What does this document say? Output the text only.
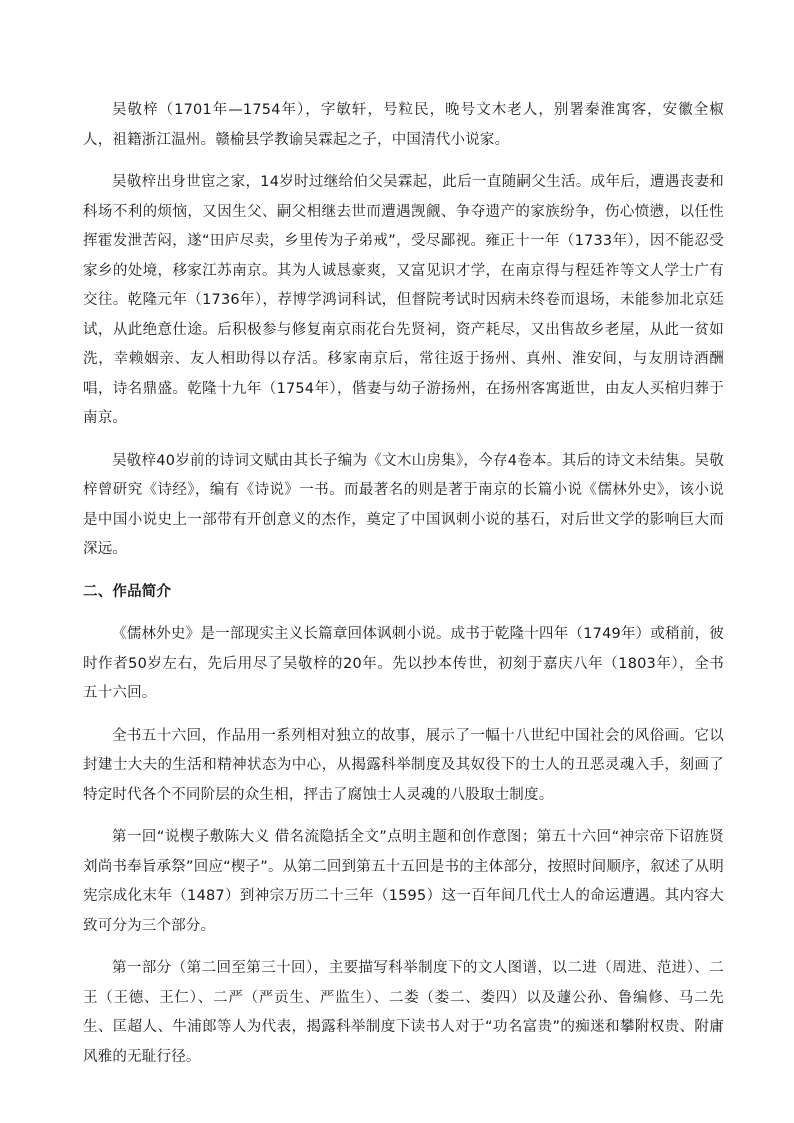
吴敬梓（1701年—1754年），字敏轩，号粒民，晚号文木老人，别署秦淮寓客，安徽全椒人，祖籍浙江温州。赣榆县学教谕吴霖起之子，中国清代小说家。

吴敬梓出身世宦之家，14岁时过继给伯父吴霖起，此后一直随嗣父生活。成年后，遭遇丧妻和科场不利的烦恼，又因生父、嗣父相继去世而遭遇觊觎、争夺遗产的家族纷争，伤心愤懑，以任性挥霍发泄苦闷，遂“田庐尽卖，乡里传为子弟戒”，受尽鄙视。雍正十一年（1733年），因不能忍受家乡的处境，移家江苏南京。其为人诚恳豪爽，又富见识才学，在南京得与程廷祚等文人学士广有交往。乾隆元年（1736年），荐博学鸿词科试，但督院考试时因病未终卷而退场，未能参加北京廷试，从此绝意仕途。后积极参与修复南京雨花台先贤祠，资产耗尽，又出售故乡老屋，从此一贫如洗，幸赖姻亲、友人相助得以存活。移家南京后，常往返于扬州、真州、淮安间，与友朋诗酒酬唱，诗名鼎盛。乾隆十九年（1754年），偕妻与幼子游扬州，在扬州客寓逝世，由友人买棺归葬于南京。

吴敬梓40岁前的诗词文赋由其长子编为《文木山房集》，今存4卷本。其后的诗文未结集。吴敬梓曾研究《诗经》，编有《诗说》一书。而最著名的则是著于南京的长篇小说《儒林外史》，该小说是中国小说史上一部带有开创意义的杰作，奠定了中国讽刺小说的基石，对后世文学的影响巨大而深远。

二、作品简介

《儒林外史》是一部现实主义长篇章回体讽刺小说。成书于乾隆十四年（1749年）或稍前，彼时作者50岁左右，先后用尽了吴敬梓的20年。先以抄本传世，初刻于嘉庆八年（1803年），全书五十六回。

全书五十六回，作品用一系列相对独立的故事，展示了一幅十八世纪中国社会的风俗画。它以封建士大夫的生活和精神状态为中心，从揭露科举制度及其奴役下的士人的丑恶灵魂入手，刻画了特定时代各个不同阶层的众生相，抨击了腐蚀士人灵魂的八股取士制度。

第一回“说楔子敷陈大义 借名流隐括全文”点明主题和创作意图；第五十六回“神宗帝下诏旌贤 刘尚书奉旨承祭”回应“楔子”。从第二回到第五十五回是书的主体部分，按照时间顺序，叙述了从明宪宗成化末年（1487）到神宗万历二十三年（1595）这一百年间几代士人的命运遭遇。其内容大致可分为三个部分。

第一部分（第二回至第三十回），主要描写科举制度下的文人图谱，以二进（周进、范进）、二王（王德、王仁）、二严（严贡生、严监生）、二娄（娄二、娄四）以及蘧公孙、鲁编修、马二先生、匡超人、牛浦郎等人为代表，揭露科举制度下读书人对于“功名富贵”的痴迷和攀附权贵、附庸风雅的无耻行径。
